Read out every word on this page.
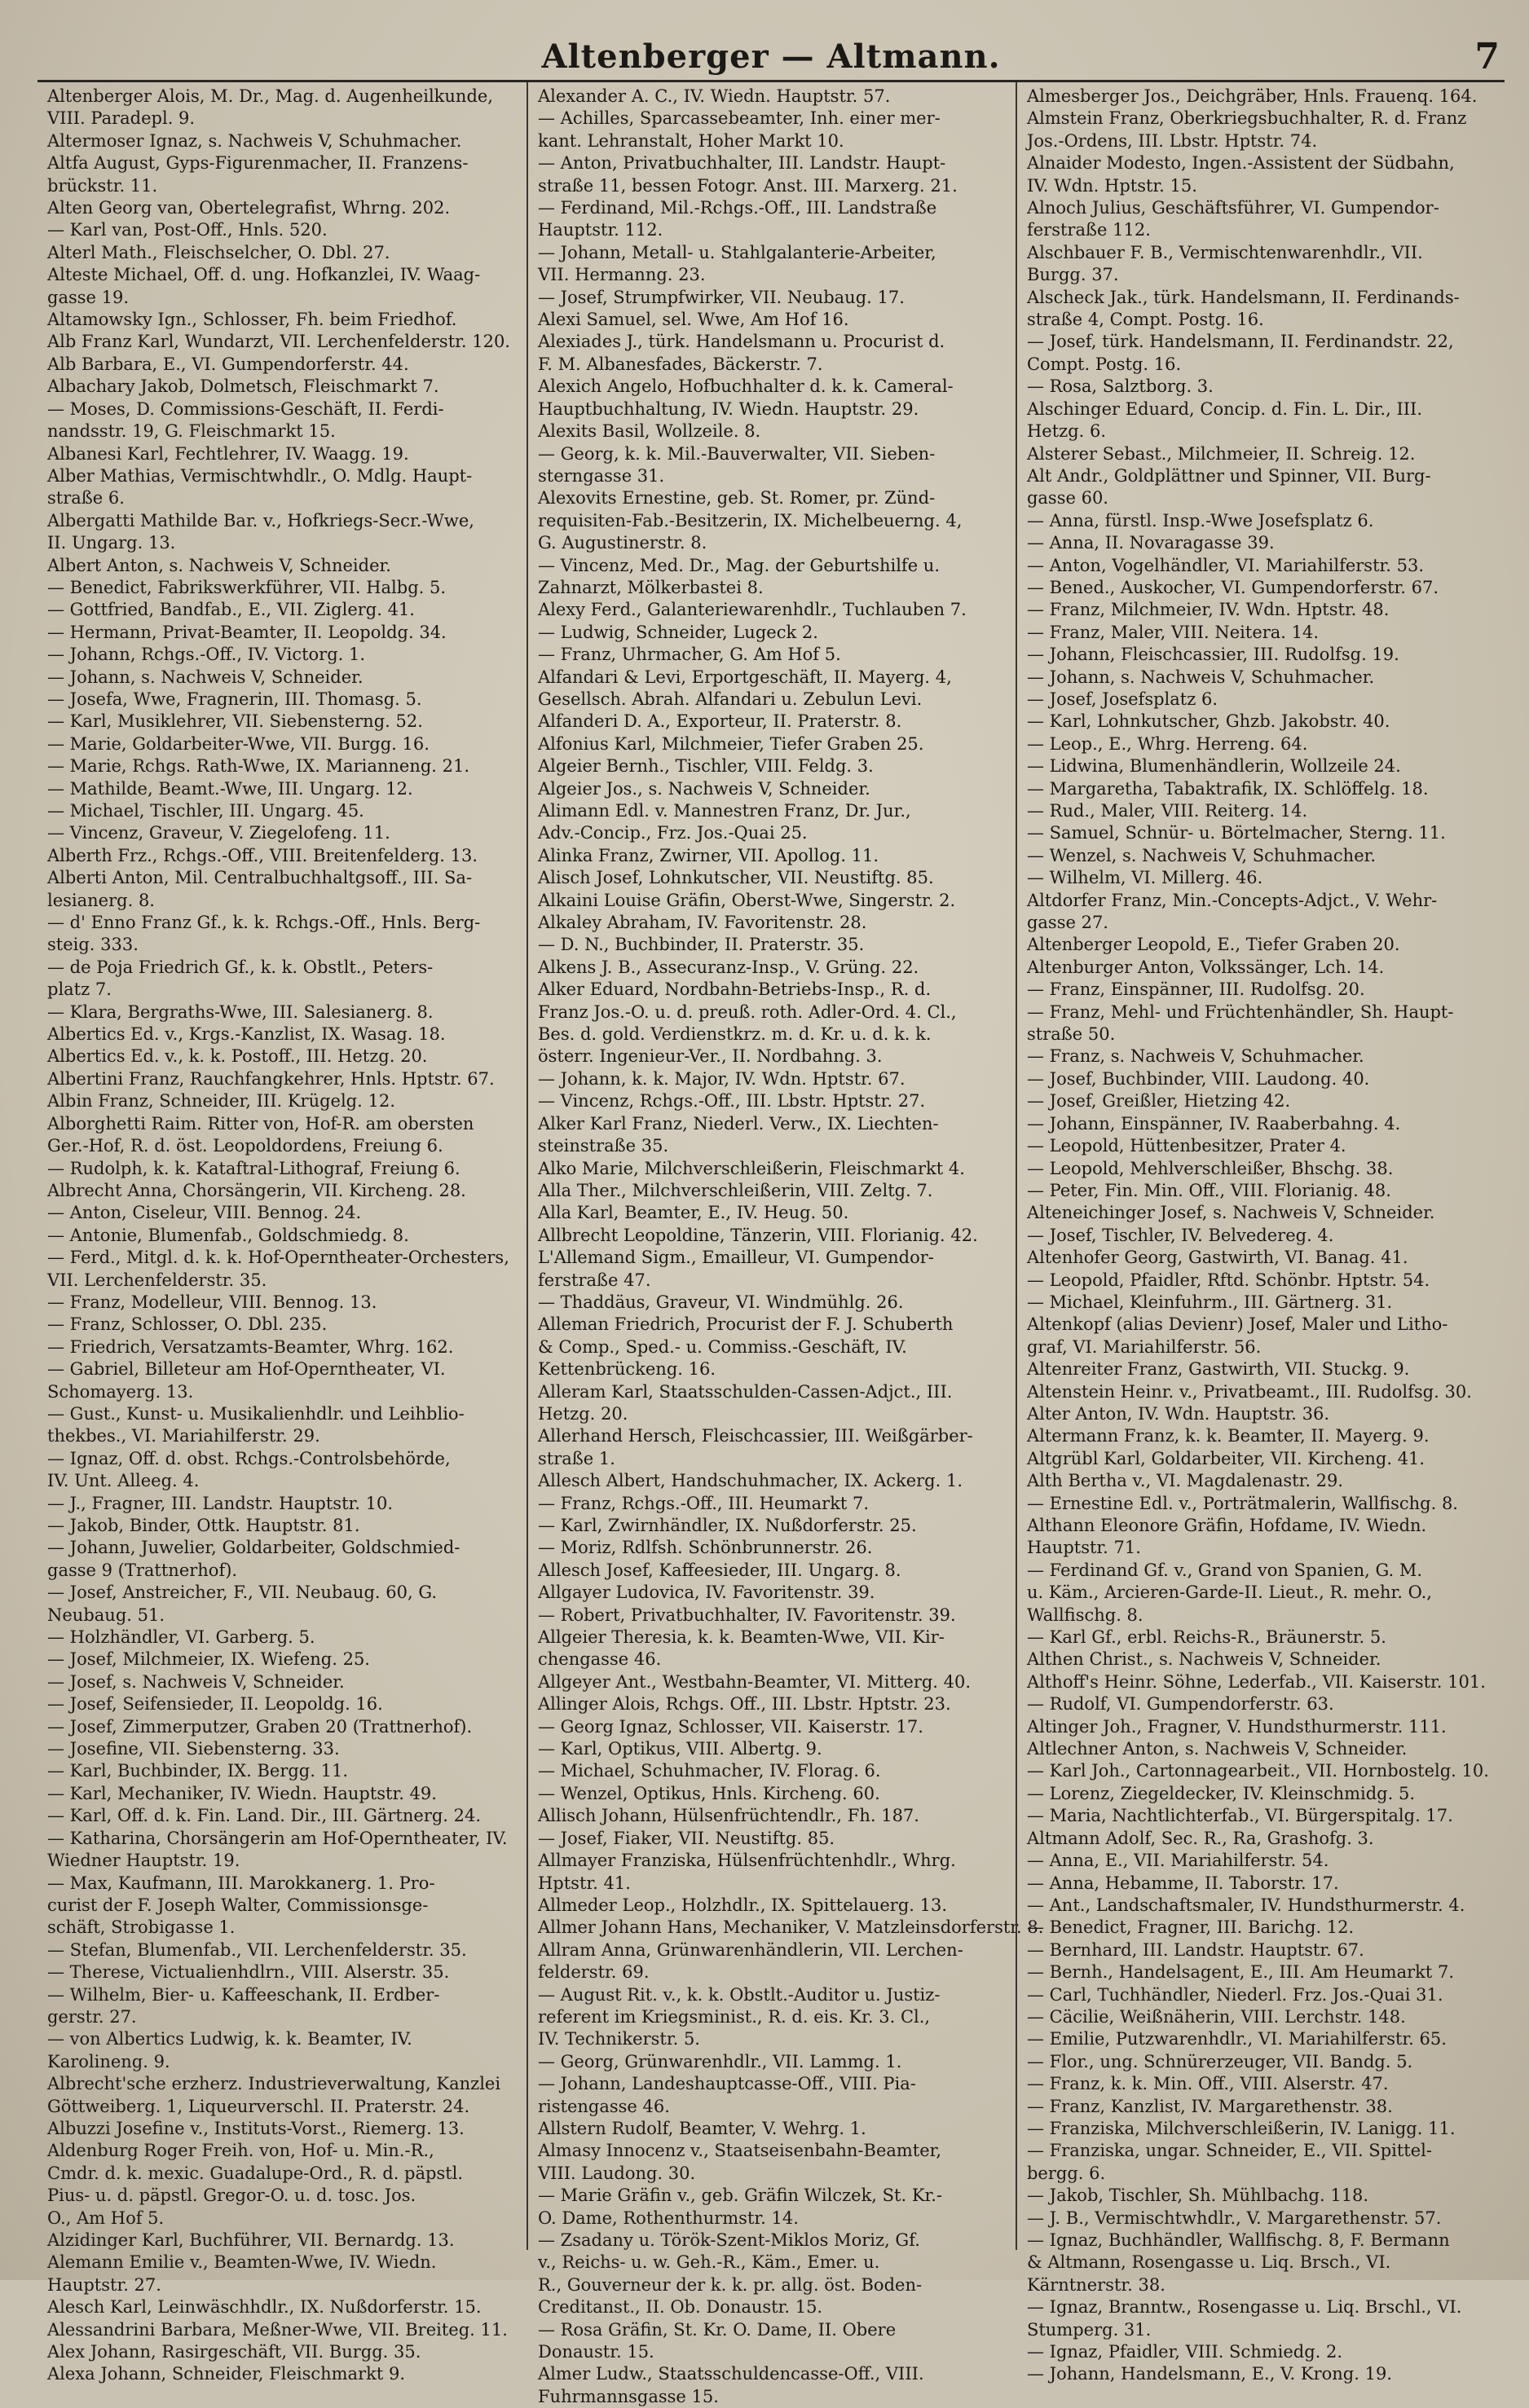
Altenberger — Altmann.	7
Altenberger Alois, M. Dr., Mag. d. Augenheilkunde,
VIII. Paradepl. 9.
Altermoser Ignaz, s. Nachweis V, Schuhmacher.
Altfa August, Gyps-Figurenmacher, II. Franzens-
brückstr. 11.
Alten Georg van, Obertelegrafist, Whrng. 202.
— Karl van, Post-Off., Hnls. 520.
Alterl Math., Fleischselcher, O. Dbl. 27.
Alteste Michael, Off. d. ung. Hofkanzlei, IV. Waag-
gasse 19.
Altamowsky Ign., Schlosser, Fh. beim Friedhof.
Alb Franz Karl, Wundarzt, VII. Lerchenfelderstr. 120.
Alb Barbara, E., VI. Gumpendorferstr. 44.
Albachary Jakob, Dolmetsch, Fleischmarkt 7.
— Moses, D. Commissions-Geschäft, II. Ferdi-
nandsstr. 19, G. Fleischmarkt 15.
Albanesi Karl, Fechtlehrer, IV. Waagg. 19.
Alber Mathias, Vermischtwhdlr., O. Mdlg. Haupt-
straße 6.
Albergatti Mathilde Bar. v., Hofkriegs-Secr.-Wwe,
II. Ungarg. 13.
Albert Anton, s. Nachweis V, Schneider.
— Benedict, Fabrikswerkführer, VII. Halbg. 5.
— Gottfried, Bandfab., E., VII. Ziglerg. 41.
— Hermann, Privat-Beamter, II. Leopoldg. 34.
— Johann, Rchgs.-Off., IV. Victorg. 1.
— Johann, s. Nachweis V, Schneider.
— Josefa, Wwe, Fragnerin, III. Thomasg. 5.
— Karl, Musiklehrer, VII. Siebensterng. 52.
— Marie, Goldarbeiter-Wwe, VII. Burgg. 16.
— Marie, Rchgs. Rath-Wwe, IX. Marianneng. 21.
— Mathilde, Beamt.-Wwe, III. Ungarg. 12.
— Michael, Tischler, III. Ungarg. 45.
— Vincenz, Graveur, V. Ziegelofeng. 11.
Alberth Frz., Rchgs.-Off., VIII. Breitenfelderg. 13.
Alberti Anton, Mil. Centralbuchhaltgsoff., III. Sa-
lesianerg. 8.
— d' Enno Franz Gf., k. k. Rchgs.-Off., Hnls. Berg-
steig. 333.
— de Poja Friedrich Gf., k. k. Obstlt., Peters-
platz 7.
— Klara, Bergraths-Wwe, III. Salesianerg. 8.
Albertics Ed. v., Krgs.-Kanzlist, IX. Wasag. 18.
Albertics Ed. v., k. k. Postoff., III. Hetzg. 20.
Albertini Franz, Rauchfangkehrer, Hnls. Hptstr. 67.
Albin Franz, Schneider, III. Krügelg. 12.
Alborghetti Raim. Ritter von, Hof-R. am obersten
Ger.-Hof, R. d. öst. Leopoldordens, Freiung 6.
— Rudolph, k. k. Kataftral-Lithograf, Freiung 6.
Albrecht Anna, Chorsängerin, VII. Kircheng. 28.
— Anton, Ciseleur, VIII. Bennog. 24.
— Antonie, Blumenfab., Goldschmiedg. 8.
— Ferd., Mitgl. d. k. k. Hof-Operntheater-Orchesters,
VII. Lerchenfelderstr. 35.
— Franz, Modelleur, VIII. Bennog. 13.
— Franz, Schlosser, O. Dbl. 235.
— Friedrich, Versatzamts-Beamter, Whrg. 162.
— Gabriel, Billeteur am Hof-Operntheater, VI.
Schomayerg. 13.
— Gust., Kunst- u. Musikalienhdlr. und Leihblio-
thekbes., VI. Mariahilferstr. 29.
— Ignaz, Off. d. obst. Rchgs.-Controlsbehörde,
IV. Unt. Alleeg. 4.
— J., Fragner, III. Landstr. Hauptstr. 10.
— Jakob, Binder, Ottk. Hauptstr. 81.
— Johann, Juwelier, Goldarbeiter, Goldschmied-
gasse 9 (Trattnerhof).
— Josef, Anstreicher, F., VII. Neubaug. 60, G.
Neubaug. 51.
— Holzhändler, VI. Garberg. 5.
— Josef, Milchmeier, IX. Wiefeng. 25.
— Josef, s. Nachweis V, Schneider.
— Josef, Seifensieder, II. Leopoldg. 16.
— Josef, Zimmerputzer, Graben 20 (Trattnerhof).
— Josefine, VII. Siebensterng. 33.
— Karl, Buchbinder, IX. Bergg. 11.
— Karl, Mechaniker, IV. Wiedn. Hauptstr. 49.
— Karl, Off. d. k. Fin. Land. Dir., III. Gärtnerg. 24.
— Katharina, Chorsängerin am Hof-Operntheater, IV.
Wiedner Hauptstr. 19.
— Max, Kaufmann, III. Marokkanerg. 1. Pro-
curist der F. Joseph Walter, Commissionsge-
schäft, Strobigasse 1.
— Stefan, Blumenfab., VII. Lerchenfelderstr. 35.
— Therese, Victualienhdlrn., VIII. Alserstr. 35.
— Wilhelm, Bier- u. Kaffeeschank, II. Erdber-
gerstr. 27.
— von Albertics Ludwig, k. k. Beamter, IV.
Karolineng. 9.
Albrecht'sche erzherz. Industrieverwaltung, Kanzlei
Göttweiberg. 1, Liqueurverschl. II. Praterstr. 24.
Albuzzi Josefine v., Instituts-Vorst., Riemerg. 13.
Aldenburg Roger Freih. von, Hof- u. Min.-R.,
Cmdr. d. k. mexic. Guadalupe-Ord., R. d. päpstl.
Pius- u. d. päpstl. Gregor-O. u. d. tosc. Jos.
O., Am Hof 5.
Alzidinger Karl, Buchführer, VII. Bernardg. 13.
Alemann Emilie v., Beamten-Wwe, IV. Wiedn.
Hauptstr. 27.
Alesch Karl, Leinwäschhdlr., IX. Nußdorferstr. 15.
Alessandrini Barbara, Meßner-Wwe, VII. Breiteg. 11.
Alex Johann, Rasirgeschäft, VII. Burgg. 35.
Alexa Johann, Schneider, Fleischmarkt 9.
Alexander A. C., IV. Wiedn. Hauptstr. 57.
— Achilles, Sparcassebeamter, Inh. einer mer-
kant. Lehranstalt, Hoher Markt 10.
— Anton, Privatbuchhalter, III. Landstr. Haupt-
straße 11, bessen Fotogr. Anst. III. Marxerg. 21.
— Ferdinand, Mil.-Rchgs.-Off., III. Landstraße
Hauptstr. 112.
— Johann, Metall- u. Stahlgalanterie-Arbeiter,
VII. Hermanng. 23.
— Josef, Strumpfwirker, VII. Neubaug. 17.
Alexi Samuel, sel. Wwe, Am Hof 16.
Alexiades J., türk. Handelsmann u. Procurist d.
F. M. Albanesfades, Bäckerstr. 7.
Alexich Angelo, Hofbuchhalter d. k. k. Cameral-
Hauptbuchhaltung, IV. Wiedn. Hauptstr. 29.
Alexits Basil, Wollzeile. 8.
— Georg, k. k. Mil.-Bauverwalter, VII. Sieben-
sterngasse 31.
Alexovits Ernestine, geb. St. Romer, pr. Zünd-
requisiten-Fab.-Besitzerin, IX. Michelbeuerng. 4,
G. Augustinerstr. 8.
— Vincenz, Med. Dr., Mag. der Geburtshilfe u.
Zahnarzt, Mölkerbastei 8.
Alexy Ferd., Galanteriewarenhdlr., Tuchlauben 7.
— Ludwig, Schneider, Lugeck 2.
— Franz, Uhrmacher, G. Am Hof 5.
Alfandari & Levi, Erportgeschäft, II. Mayerg. 4,
Gesellsch. Abrah. Alfandari u. Zebulun Levi.
Alfanderi D. A., Exporteur, II. Praterstr. 8.
Alfonius Karl, Milchmeier, Tiefer Graben 25.
Algeier Bernh., Tischler, VIII. Feldg. 3.
Algeier Jos., s. Nachweis V, Schneider.
Alimann Edl. v. Mannestren Franz, Dr. Jur.,
Adv.-Concip., Frz. Jos.-Quai 25.
Alinka Franz, Zwirner, VII. Apollog. 11.
Alisch Josef, Lohnkutscher, VII. Neustiftg. 85.
Alkaini Louise Gräfin, Oberst-Wwe, Singerstr. 2.
Alkaley Abraham, IV. Favoritenstr. 28.
— D. N., Buchbinder, II. Praterstr. 35.
Alkens J. B., Assecuranz-Insp., V. Grüng. 22.
Alker Eduard, Nordbahn-Betriebs-Insp., R. d.
Franz Jos.-O. u. d. preuß. roth. Adler-Ord. 4. Cl.,
Bes. d. gold. Verdienstkrz. m. d. Kr. u. d. k. k.
österr. Ingenieur-Ver., II. Nordbahng. 3.
— Johann, k. k. Major, IV. Wdn. Hptstr. 67.
— Vincenz, Rchgs.-Off., III. Lbstr. Hptstr. 27.
Alker Karl Franz, Niederl. Verw., IX. Liechten-
steinstraße 35.
Alko Marie, Milchverschleißerin, Fleischmarkt 4.
Alla Ther., Milchverschleißerin, VIII. Zeltg. 7.
Alla Karl, Beamter, E., IV. Heug. 50.
Allbrecht Leopoldine, Tänzerin, VIII. Florianig. 42.
L'Allemand Sigm., Emailleur, VI. Gumpendor-
ferstraße 47.
— Thaddäus, Graveur, VI. Windmühlg. 26.
Alleman Friedrich, Procurist der F. J. Schuberth
& Comp., Sped.- u. Commiss.-Geschäft, IV.
Kettenbrückeng. 16.
Alleram Karl, Staatsschulden-Cassen-Adjct., III.
Hetzg. 20.
Allerhand Hersch, Fleischcassier, III. Weißgärber-
straße 1.
Allesch Albert, Handschuhmacher, IX. Ackerg. 1.
— Franz, Rchgs.-Off., III. Heumarkt 7.
— Karl, Zwirnhändler, IX. Nußdorferstr. 25.
— Moriz, Rdlfsh. Schönbrunnerstr. 26.
Allesch Josef, Kaffeesieder, III. Ungarg. 8.
Allgayer Ludovica, IV. Favoritenstr. 39.
— Robert, Privatbuchhalter, IV. Favoritenstr. 39.
Allgeier Theresia, k. k. Beamten-Wwe, VII. Kir-
chengasse 46.
Allgeyer Ant., Westbahn-Beamter, VI. Mitterg. 40.
Allinger Alois, Rchgs. Off., III. Lbstr. Hptstr. 23.
— Georg Ignaz, Schlosser, VII. Kaiserstr. 17.
— Karl, Optikus, VIII. Albertg. 9.
— Michael, Schuhmacher, IV. Florag. 6.
— Wenzel, Optikus, Hnls. Kircheng. 60.
Allisch Johann, Hülsenfrüchtendlr., Fh. 187.
— Josef, Fiaker, VII. Neustiftg. 85.
Allmayer Franziska, Hülsenfrüchtenhdlr., Whrg.
Hptstr. 41.
Allmeder Leop., Holzhdlr., IX. Spittelauerg. 13.
Allmer Johann Hans, Mechaniker, V. Matzleinsdorferstr. 8.
Allram Anna, Grünwarenhändlerin, VII. Lerchen-
felderstr. 69.
— August Rit. v., k. k. Obstlt.-Auditor u. Justiz-
referent im Kriegsminist., R. d. eis. Kr. 3. Cl.,
IV. Technikerstr. 5.
— Georg, Grünwarenhdlr., VII. Lammg. 1.
— Johann, Landeshauptcasse-Off., VIII. Pia-
ristengasse 46.
Allstern Rudolf, Beamter, V. Wehrg. 1.
Almasy Innocenz v., Staatseisenbahn-Beamter,
VIII. Laudong. 30.
— Marie Gräfin v., geb. Gräfin Wilczek, St. Kr.-
O. Dame, Rothenthurmstr. 14.
— Zsadany u. Török-Szent-Miklos Moriz, Gf.
v., Reichs- u. w. Geh.-R., Käm., Emer. u.
R., Gouverneur der k. k. pr. allg. öst. Boden-
Creditanst., II. Ob. Donaustr. 15.
— Rosa Gräfin, St. Kr. O. Dame, II. Obere
Donaustr. 15.
Almer Ludw., Staatsschuldencasse-Off., VIII.
Fuhrmannsgasse 15.
Almesberger Jos., Deichgräber, Hnls. Frauenq. 164.
Almstein Franz, Oberkriegsbuchhalter, R. d. Franz
Jos.-Ordens, III. Lbstr. Hptstr. 74.
Alnaider Modesto, Ingen.-Assistent der Südbahn,
IV. Wdn. Hptstr. 15.
Alnoch Julius, Geschäftsführer, VI. Gumpendor-
ferstraße 112.
Alschbauer F. B., Vermischtenwarenhdlr., VII.
Burgg. 37.
Alscheck Jak., türk. Handelsmann, II. Ferdinands-
straße 4, Compt. Postg. 16.
— Josef, türk. Handelsmann, II. Ferdinandstr. 22,
Compt. Postg. 16.
— Rosa, Salztborg. 3.
Alschinger Eduard, Concip. d. Fin. L. Dir., III.
Hetzg. 6.
Alsterer Sebast., Milchmeier, II. Schreig. 12.
Alt Andr., Goldplättner und Spinner, VII. Burg-
gasse 60.
— Anna, fürstl. Insp.-Wwe Josefsplatz 6.
— Anna, II. Novaragasse 39.
— Anton, Vogelhändler, VI. Mariahilferstr. 53.
— Bened., Auskocher, VI. Gumpendorferstr. 67.
— Franz, Milchmeier, IV. Wdn. Hptstr. 48.
— Franz, Maler, VIII. Neitera. 14.
— Johann, Fleischcassier, III. Rudolfsg. 19.
— Johann, s. Nachweis V, Schuhmacher.
— Josef, Josefsplatz 6.
— Karl, Lohnkutscher, Ghzb. Jakobstr. 40.
— Leop., E., Whrg. Herreng. 64.
— Lidwina, Blumenhändlerin, Wollzeile 24.
— Margaretha, Tabaktrafik, IX. Schlöffelg. 18.
— Rud., Maler, VIII. Reiterg. 14.
— Samuel, Schnür- u. Börtelmacher, Sterng. 11.
— Wenzel, s. Nachweis V, Schuhmacher.
— Wilhelm, VI. Millerg. 46.
Altdorfer Franz, Min.-Concepts-Adjct., V. Wehr-
gasse 27.
Altenberger Leopold, E., Tiefer Graben 20.
Altenburger Anton, Volkssänger, Lch. 14.
— Franz, Einspänner, III. Rudolfsg. 20.
— Franz, Mehl- und Früchtenhändler, Sh. Haupt-
straße 50.
— Franz, s. Nachweis V, Schuhmacher.
— Josef, Buchbinder, VIII. Laudong. 40.
— Josef, Greißler, Hietzing 42.
— Johann, Einspänner, IV. Raaberbahng. 4.
— Leopold, Hüttenbesitzer, Prater 4.
— Leopold, Mehlverschleißer, Bhschg. 38.
— Peter, Fin. Min. Off., VIII. Florianig. 48.
Alteneichinger Josef, s. Nachweis V, Schneider.
— Josef, Tischler, IV. Belvedereg. 4.
Altenhofer Georg, Gastwirth, VI. Banag. 41.
— Leopold, Pfaidler, Rftd. Schönbr. Hptstr. 54.
— Michael, Kleinfuhrm., III. Gärtnerg. 31.
Altenkopf (alias Devienr) Josef, Maler und Litho-
graf, VI. Mariahilferstr. 56.
Altenreiter Franz, Gastwirth, VII. Stuckg. 9.
Altenstein Heinr. v., Privatbeamt., III. Rudolfsg. 30.
Alter Anton, IV. Wdn. Hauptstr. 36.
Altermann Franz, k. k. Beamter, II. Mayerg. 9.
Altgrübl Karl, Goldarbeiter, VII. Kircheng. 41.
Alth Bertha v., VI. Magdalenastr. 29.
— Ernestine Edl. v., Porträtmalerin, Wallfischg. 8.
Althann Eleonore Gräfin, Hofdame, IV. Wiedn.
Hauptstr. 71.
— Ferdinand Gf. v., Grand von Spanien, G. M.
u. Käm., Arcieren-Garde-II. Lieut., R. mehr. O.,
Wallfischg. 8.
— Karl Gf., erbl. Reichs-R., Bräunerstr. 5.
Althen Christ., s. Nachweis V, Schneider.
Althoff's Heinr. Söhne, Lederfab., VII. Kaiserstr. 101.
— Rudolf, VI. Gumpendorferstr. 63.
Altinger Joh., Fragner, V. Hundsthurmerstr. 111.
Altlechner Anton, s. Nachweis V, Schneider.
— Karl Joh., Cartonnagearbeit., VII. Hornbostelg. 10.
— Lorenz, Ziegeldecker, IV. Kleinschmidg. 5.
— Maria, Nachtlichterfab., VI. Bürgerspitalg. 17.
Altmann Adolf, Sec. R., Ra, Grashofg. 3.
— Anna, E., VII. Mariahilferstr. 54.
— Anna, Hebamme, II. Taborstr. 17.
— Ant., Landschaftsmaler, IV. Hundsthurmerstr. 4.
— Benedict, Fragner, III. Barichg. 12.
— Bernhard, III. Landstr. Hauptstr. 67.
— Bernh., Handelsagent, E., III. Am Heumarkt 7.
— Carl, Tuchhändler, Niederl. Frz. Jos.-Quai 31.
— Cäcilie, Weißnäherin, VIII. Lerchstr. 148.
— Emilie, Putzwarenhdlr., VI. Mariahilferstr. 65.
— Flor., ung. Schnürerzeuger, VII. Bandg. 5.
— Franz, k. k. Min. Off., VIII. Alserstr. 47.
— Franz, Kanzlist, IV. Margarethenstr. 38.
— Franziska, Milchverschleißerin, IV. Lanigg. 11.
— Franziska, ungar. Schneider, E., VII. Spittel-
bergg. 6.
— Jakob, Tischler, Sh. Mühlbachg. 118.
— J. B., Vermischtwhdlr., V. Margarethenstr. 57.
— Ignaz, Buchhändler, Wallfischg. 8, F. Bermann
& Altmann, Rosengasse u. Liq. Brsch., VI.
Kärntnerstr. 38.
— Ignaz, Branntw., Rosengasse u. Liq. Brschl., VI.
Stumperg. 31.
— Ignaz, Pfaidler, VIII. Schmiedg. 2.
— Johann, Handelsmann, E., V. Krong. 19.
